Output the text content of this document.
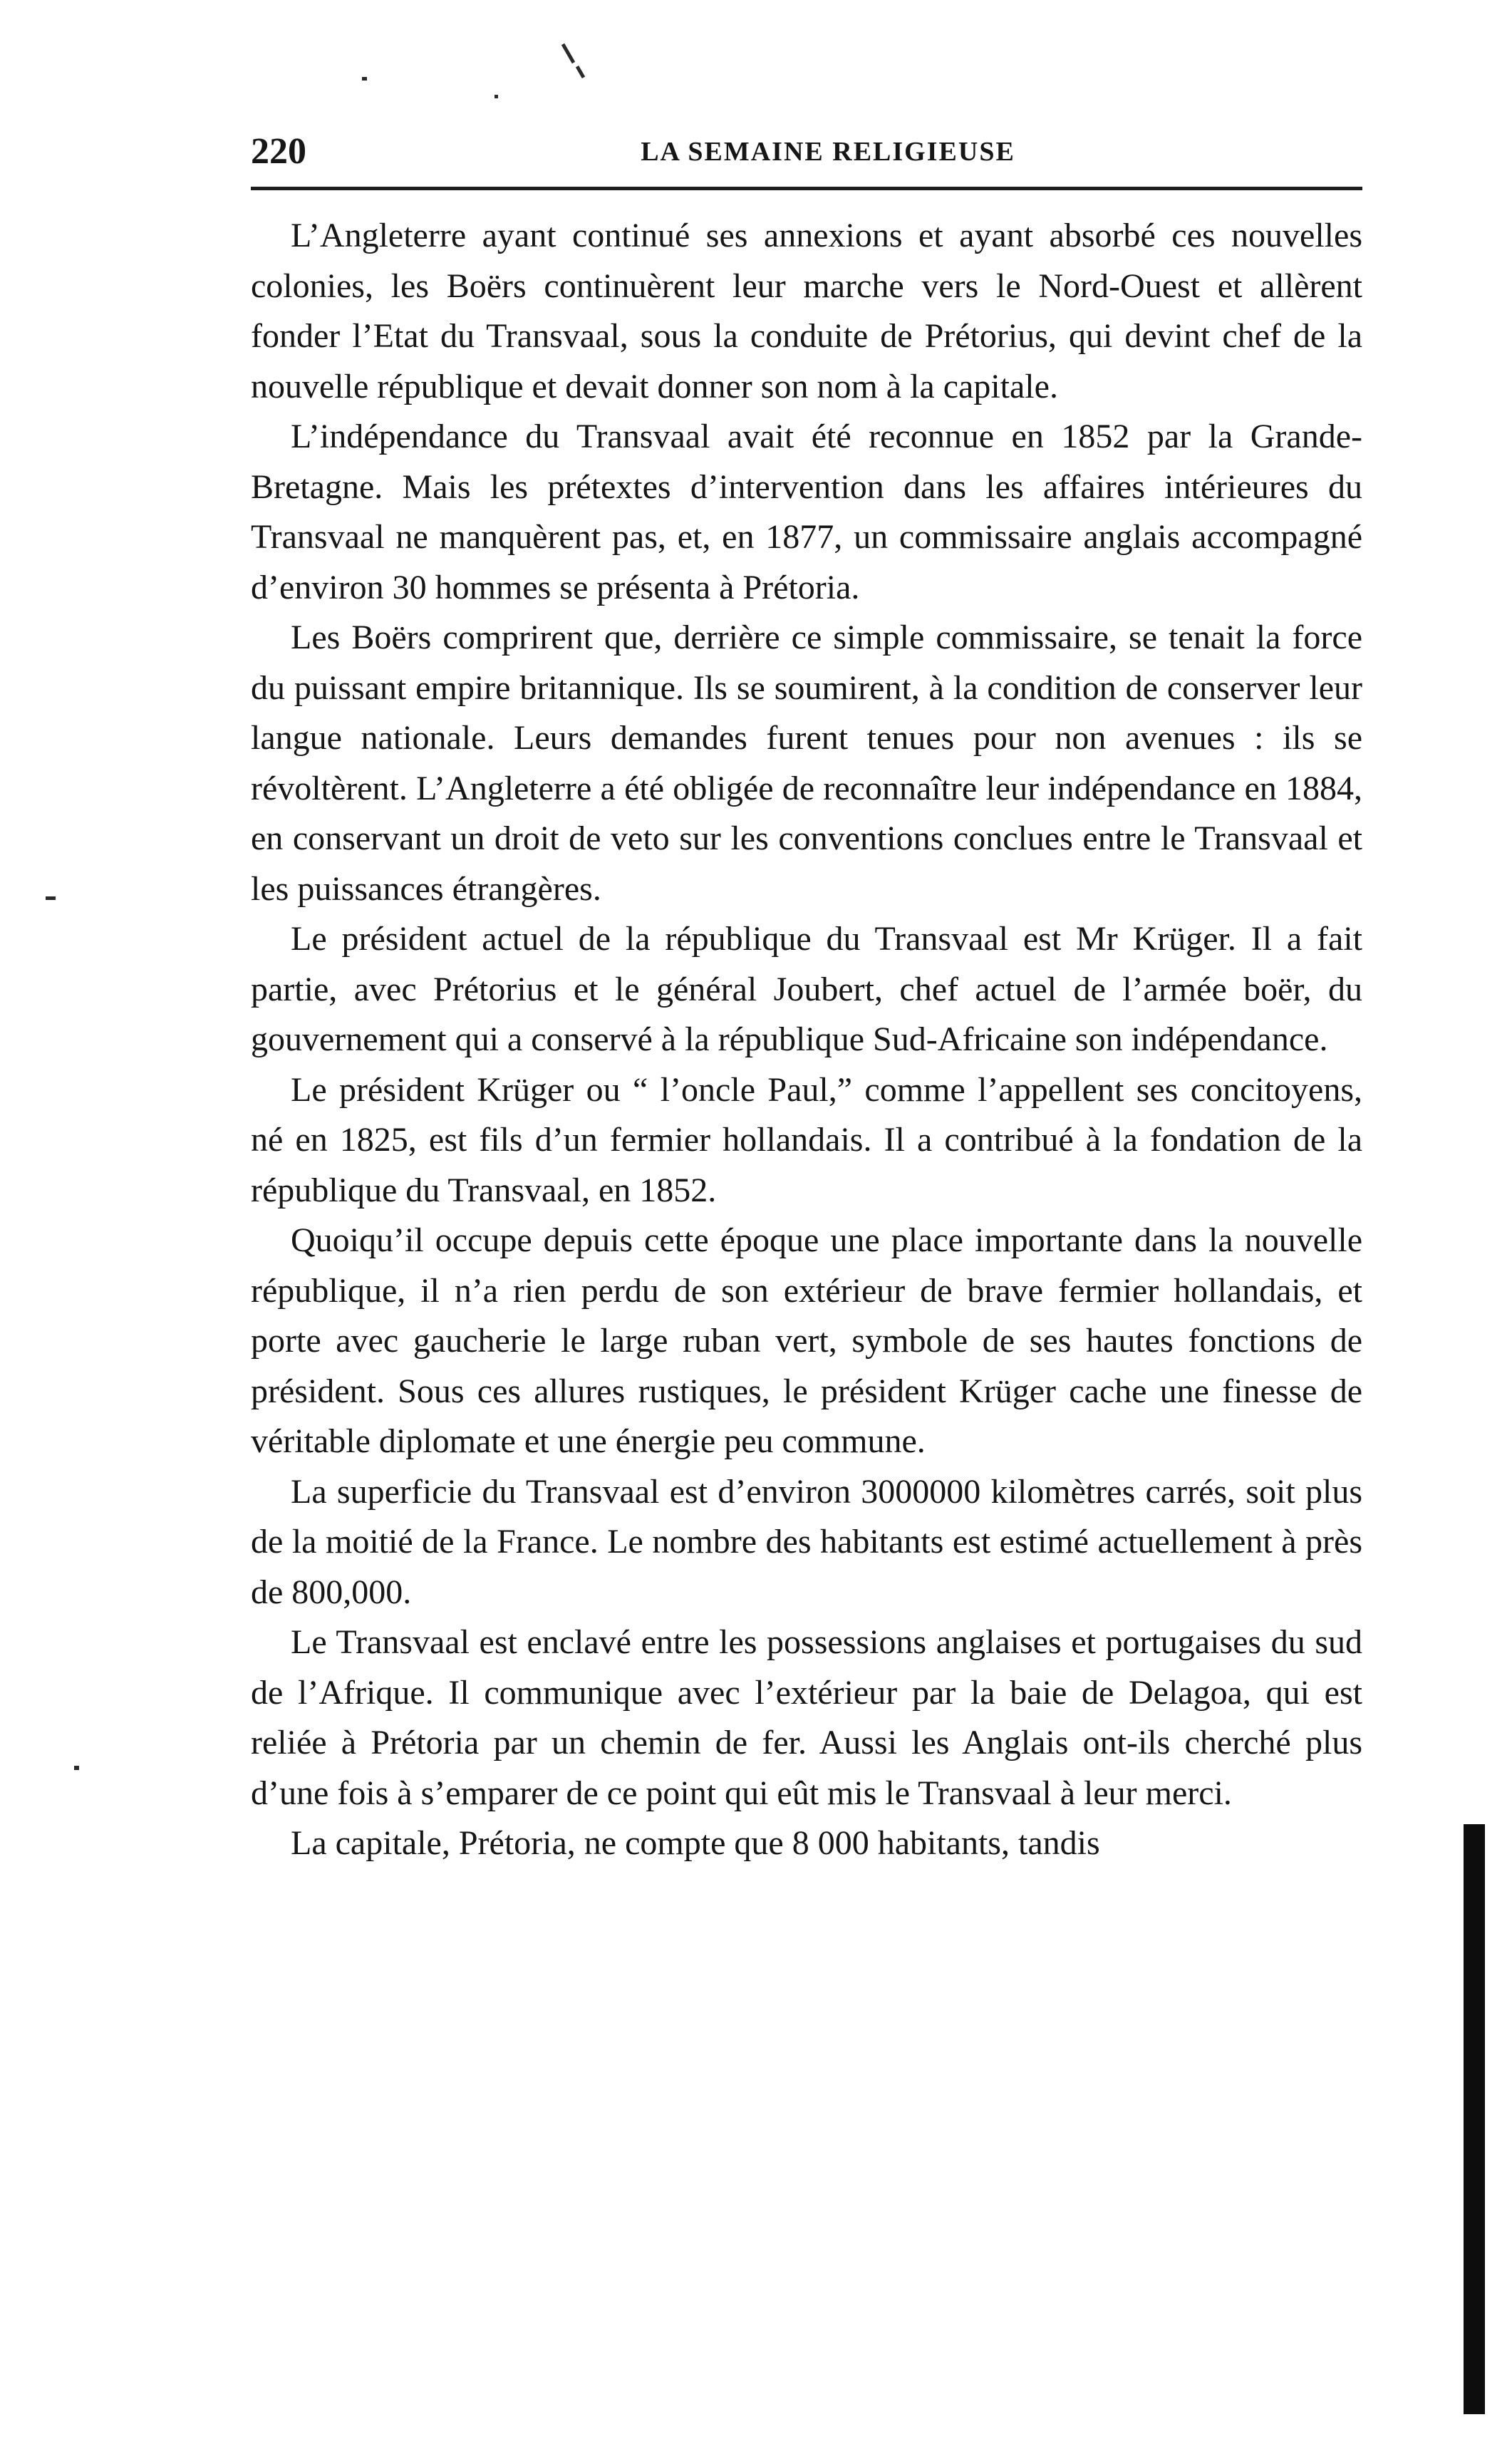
220	LA SEMAINE RELIGIEUSE

L’Angleterre ayant continué ses annexions et ayant absorbé ces nouvelles colonies, les Boërs continuèrent leur marche vers le Nord-Ouest et allèrent fonder l’Etat du Transvaal, sous la conduite de Prétorius, qui devint chef de la nouvelle république et devait donner son nom à la capitale.

L’indépendance du Transvaal avait été reconnue en 1852 par la Grande-Bretagne. Mais les prétextes d’intervention dans les affaires intérieures du Transvaal ne manquèrent pas, et, en 1877, un commissaire anglais accompagné d’environ 30 hommes se présenta à Prétoria.

Les Boërs comprirent que, derrière ce simple commissaire, se tenait la force du puissant empire britannique. Ils se soumirent, à la condition de conserver leur langue nationale. Leurs demandes furent tenues pour non avenues : ils se révoltèrent. L’Angleterre a été obligée de reconnaître leur indépendance en 1884, en conservant un droit de veto sur les conventions conclues entre le Transvaal et les puissances étrangères.

Le président actuel de la république du Transvaal est Mr Krüger. Il a fait partie, avec Prétorius et le général Joubert, chef actuel de l’armée boër, du gouvernement qui a conservé à la république Sud-Africaine son indépendance.

Le président Krüger ou “ l’oncle Paul,” comme l’appellent ses concitoyens, né en 1825, est fils d’un fermier hollandais. Il a contribué à la fondation de la république du Transvaal, en 1852.

Quoiqu’il occupe depuis cette époque une place importante dans la nouvelle république, il n’a rien perdu de son extérieur de brave fermier hollandais, et porte avec gaucherie le large ruban vert, symbole de ses hautes fonctions de président. Sous ces allures rustiques, le président Krüger cache une finesse de véritable diplomate et une énergie peu commune.

La superficie du Transvaal est d’environ 3000000 kilomètres carrés, soit plus de la moitié de la France. Le nombre des habitants est estimé actuellement à près de 800,000.

Le Transvaal est enclavé entre les possessions anglaises et portugaises du sud de l’Afrique. Il communique avec l’extérieur par la baie de Delagoa, qui est reliée à Prétoria par un chemin de fer. Aussi les Anglais ont-ils cherché plus d’une fois à s’emparer de ce point qui eût mis le Transvaal à leur merci.

La capitale, Prétoria, ne compte que 8 000 habitants, tandis
